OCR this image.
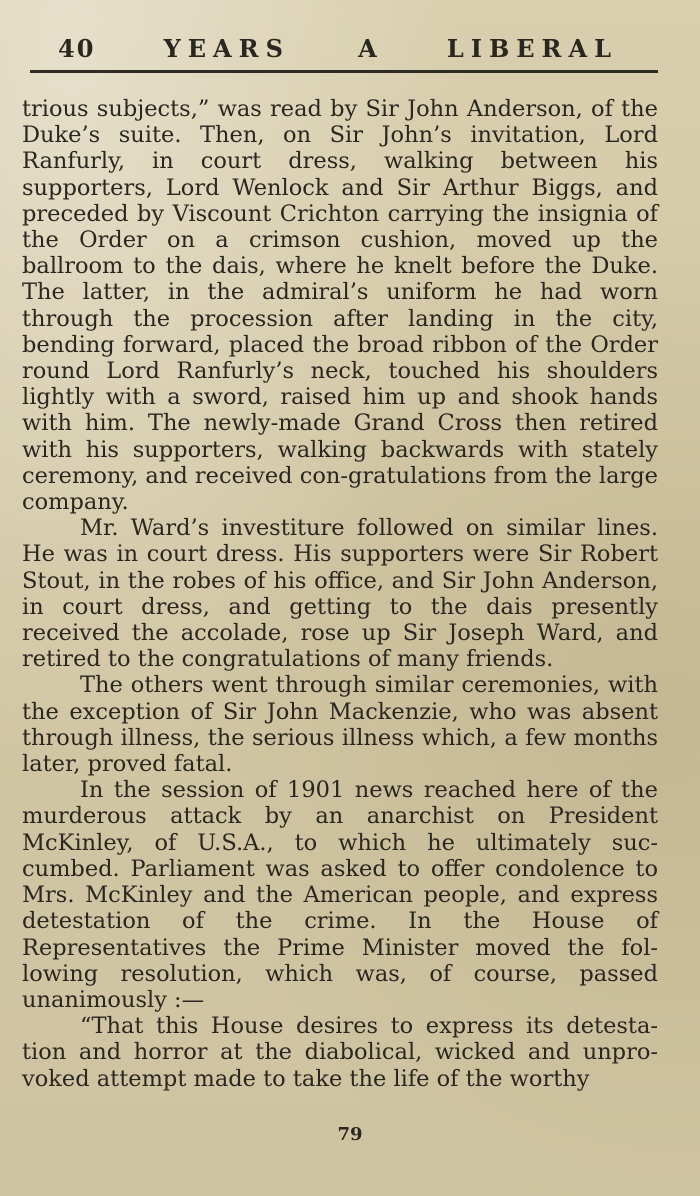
40	YEARS	A	LIBERAL

trious subjects,” was read by Sir John Anderson, of the Duke’s suite. Then, on Sir John’s invitation, Lord Ranfurly, in court dress, walking between his supporters, Lord Wenlock and Sir Arthur Biggs, and preceded by Viscount Crichton carrying the insignia of the Order on a crimson cushion, moved up the ballroom to the dais, where he knelt before the Duke. The latter, in the admiral’s uniform he had worn through the procession after landing in the city, bending forward, placed the broad ribbon of the Order round Lord Ranfurly’s neck, touched his shoulders lightly with a sword, raised him up and shook hands with him. The newly-made Grand Cross then retired with his supporters, walking backwards with stately ceremony, and received con-gratulations from the large company.

Mr. Ward’s investiture followed on similar lines. He was in court dress. His supporters were Sir Robert Stout, in the robes of his office, and Sir John Anderson, in court dress, and getting to the dais presently received the accolade, rose up Sir Joseph Ward, and retired to the congratulations of many friends.

The others went through similar ceremonies, with the exception of Sir John Mackenzie, who was absent through illness, the serious illness which, a few months later, proved fatal.

In the session of 1901 news reached here of the murderous attack by an anarchist on President McKinley, of U.S.A., to which he ultimately suc-cumbed. Parliament was asked to offer condolence to Mrs. McKinley and the American people, and express detestation of the crime. In the House of Representatives the Prime Minister moved the fol-lowing resolution, which was, of course, passed unanimously :—

“That this House desires to express its detesta-tion and horror at the diabolical, wicked and unpro-voked attempt made to take the life of the worthy

79
